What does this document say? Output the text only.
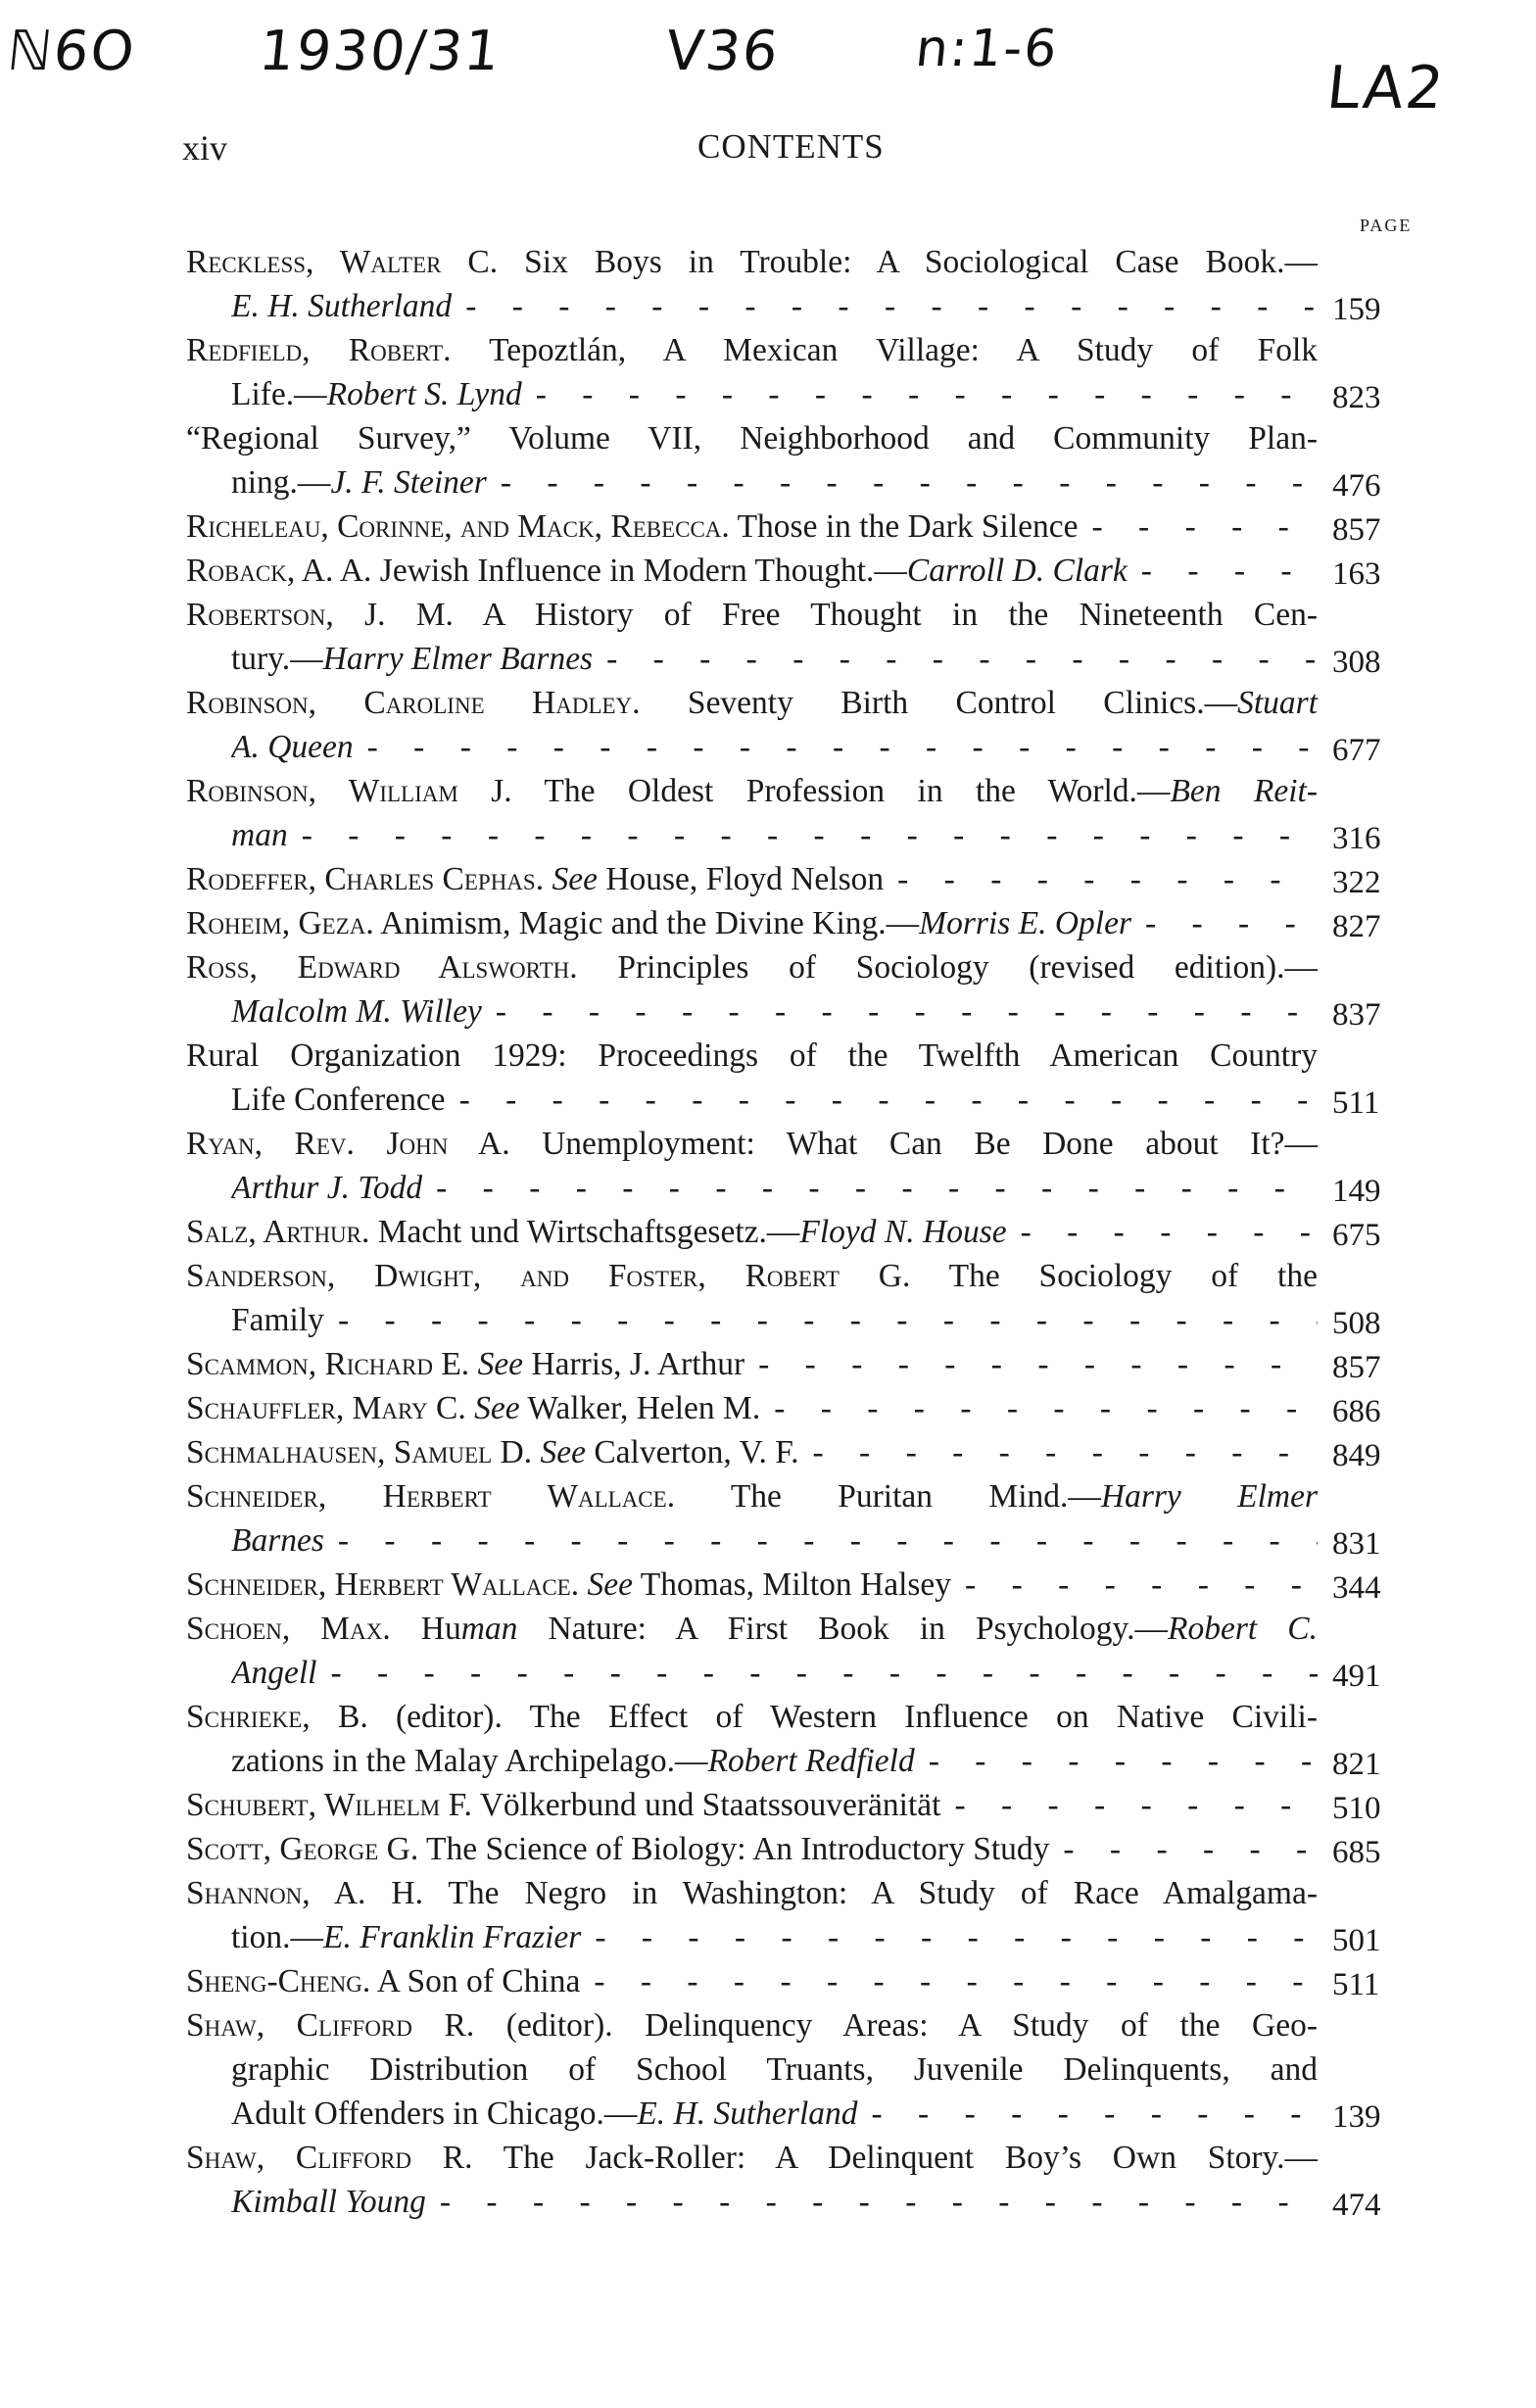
ℕ6O 1930/31	V36	n:1-6
LA2
xiv	CONTENTS
PAGE
Reckless, Walter C. Six Boys in Trouble: A Sociological Case Book.—
E. H. Sutherland - - -	159
Redfield, Robert. Tepoztlán, A Mexican Village: A Study of Folk
Life.—Robert S. Lynd - - -	823
“Regional Survey,” Volume VII, Neighborhood and Community Plan-
ning.—J. F. Steiner - - -	476
Richeleau, Corinne, and Mack, Rebecca. Those in the Dark Silence - - -	857
Roback, A. A. Jewish Influence in Modern Thought.—Carroll D. Clark - - -	163
Robertson, J. M. A History of Free Thought in the Nineteenth Cen-
tury.—Harry Elmer Barnes - - -	308
Robinson, Caroline Hadley. Seventy Birth Control Clinics.—Stuart
A. Queen - - -	677
Robinson, William J. The Oldest Profession in the World.—Ben Reit-
man - - -	316
Rodeffer, Charles Cephas. See House, Floyd Nelson - - -	322
Roheim, Geza. Animism, Magic and the Divine King.—Morris E. Opler - - -	827
Ross, Edward Alsworth. Principles of Sociology (revised edition).—
Malcolm M. Willey - - -	837
Rural Organization 1929: Proceedings of the Twelfth American Country
Life Conference - - -	511
Ryan, Rev. John A. Unemployment: What Can Be Done about It?—
Arthur J. Todd - - -	149
Salz, Arthur. Macht und Wirtschaftsgesetz.—Floyd N. House - - -	675
Sanderson, Dwight, and Foster, Robert G. The Sociology of the
Family - - -	508
Scammon, Richard E. See Harris, J. Arthur - - -	857
Schauffler, Mary C. See Walker, Helen M. - - -	686
Schmalhausen, Samuel D. See Calverton, V. F. - - -	849
Schneider, Herbert Wallace. The Puritan Mind.—Harry Elmer
Barnes - - -	831
Schneider, Herbert Wallace. See Thomas, Milton Halsey - - -	344
Schoen, Max. Human Nature: A First Book in Psychology.—Robert C.
Angell - - -	491
Schrieke, B. (editor). The Effect of Western Influence on Native Civili-
zations in the Malay Archipelago.—Robert Redfield - - -	821
Schubert, Wilhelm F. Völkerbund und Staatssouveränität - - -	510
Scott, George G. The Science of Biology: An Introductory Study - - -	685
Shannon, A. H. The Negro in Washington: A Study of Race Amalgama-
tion.—E. Franklin Frazier - - -	501
Sheng-Cheng. A Son of China - - -	511
Shaw, Clifford R. (editor). Delinquency Areas: A Study of the Geo-
graphic Distribution of School Truants, Juvenile Delinquents, and
Adult Offenders in Chicago.—E. H. Sutherland - - -	139
Shaw, Clifford R. The Jack-Roller: A Delinquent Boy’s Own Story.—
Kimball Young - - -	474
